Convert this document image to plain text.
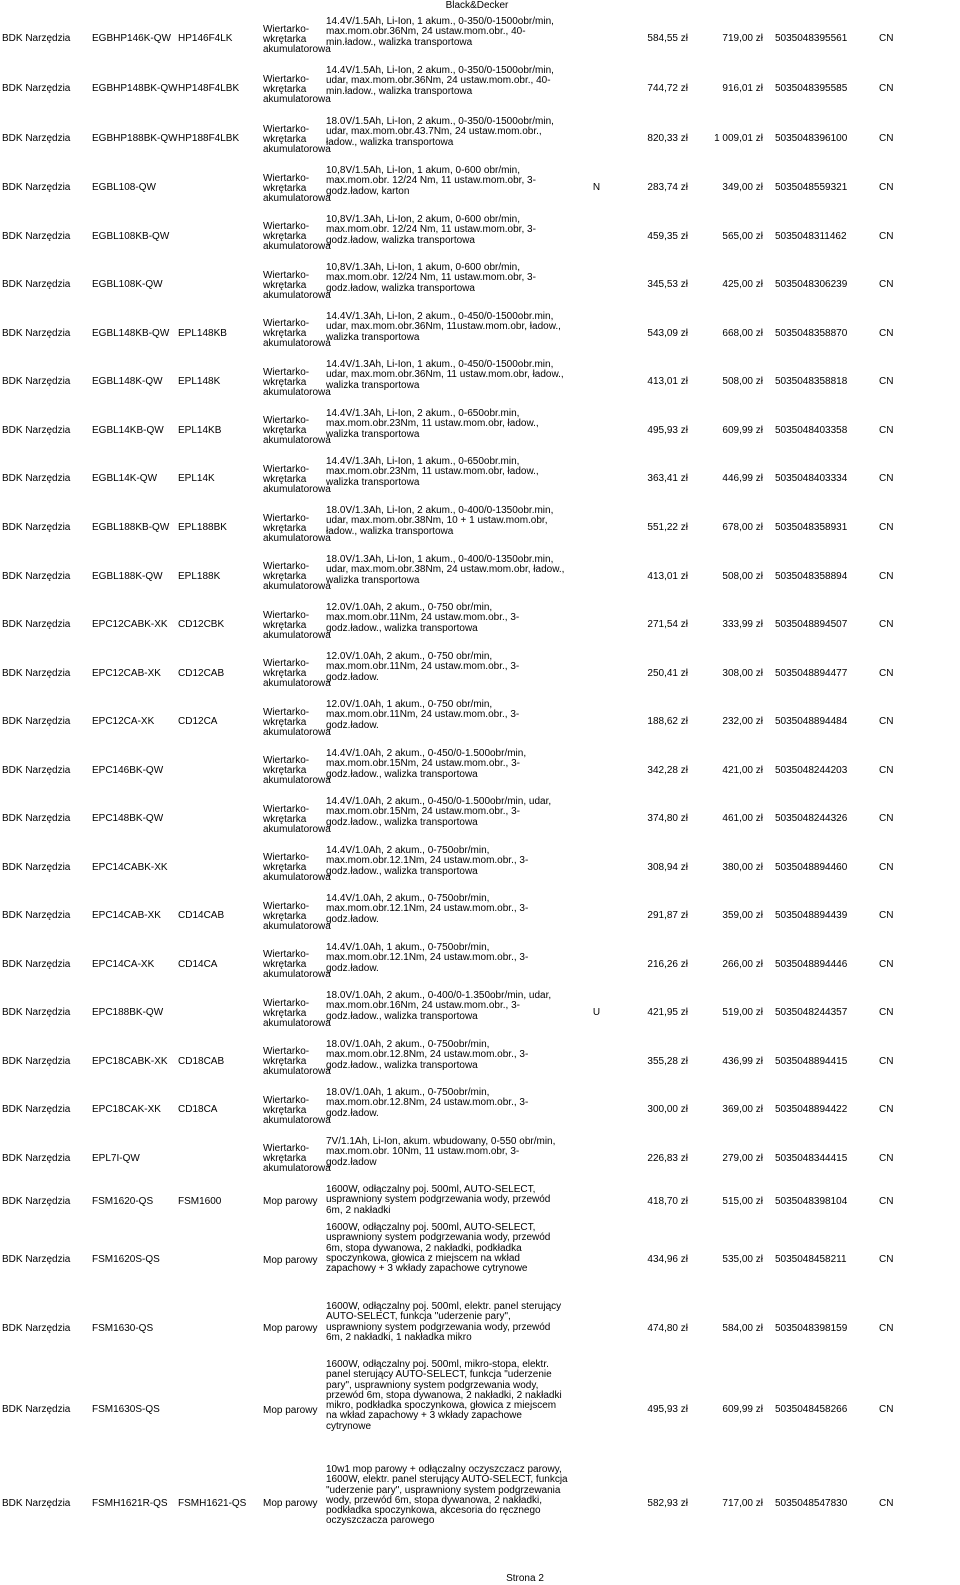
Black&Decker
BDK Narzędzia	EGBHP146K-QW	HP146F4LK	Wiertarko-wkrętarka akumulatorowa	14.4V/1.5Ah, Li-Ion, 1 akum., 0-350/0-1500obr/min, max.mom.obr.36Nm, 24 ustaw.mom.obr., 40-min.ładow., walizka transportowa		584,55 zł	719,00 zł	5035048395561	CN
BDK Narzędzia	EGBHP148BK-QW	HP148F4LBK	Wiertarko-wkrętarka akumulatorowa	14.4V/1.5Ah, Li-Ion, 2 akum., 0-350/0-1500obr/min, udar, max.mom.obr.36Nm, 24 ustaw.mom.obr., 40-min.ładow., walizka transportowa		744,72 zł	916,01 zł	5035048395585	CN
BDK Narzędzia	EGBHP188BK-QW	HP188F4LBK	Wiertarko-wkrętarka akumulatorowa	18.0V/1.5Ah, Li-Ion, 2 akum., 0-350/0-1500obr/min, udar, max.mom.obr.43.7Nm, 24 ustaw.mom.obr., ładow., walizka transportowa		820,33 zł	1 009,01 zł	5035048396100	CN
BDK Narzędzia	EGBL108-QW		Wiertarko-wkrętarka akumulatorowa	10,8V/1.5Ah, Li-Ion, 1 akum, 0-600 obr/min, max.mom.obr. 12/24 Nm, 11 ustaw.mom.obr, 3-godz.ładow, karton	N	283,74 zł	349,00 zł	5035048559321	CN
BDK Narzędzia	EGBL108KB-QW		Wiertarko-wkrętarka akumulatorowa	10,8V/1.3Ah, Li-Ion, 2 akum, 0-600 obr/min, max.mom.obr. 12/24 Nm, 11 ustaw.mom.obr, 3-godz.ładow, walizka transportowa		459,35 zł	565,00 zł	5035048311462	CN
BDK Narzędzia	EGBL108K-QW		Wiertarko-wkrętarka akumulatorowa	10,8V/1.3Ah, Li-Ion, 1 akum, 0-600 obr/min, max.mom.obr. 12/24 Nm, 11 ustaw.mom.obr, 3-godz.ładow, walizka transportowa		345,53 zł	425,00 zł	5035048306239	CN
BDK Narzędzia	EGBL148KB-QW	EPL148KB	Wiertarko-wkrętarka akumulatorowa	14.4V/1.3Ah, Li-Ion, 2 akum., 0-450/0-1500obr.min, udar, max.mom.obr.36Nm, 11ustaw.mom.obr, ładow., walizka transportowa		543,09 zł	668,00 zł	5035048358870	CN
BDK Narzędzia	EGBL148K-QW	EPL148K	Wiertarko-wkrętarka akumulatorowa	14.4V/1.3Ah, Li-Ion, 1 akum., 0-450/0-1500obr.min, udar, max.mom.obr.36Nm, 11 ustaw.mom.obr, ładow., walizka transportowa		413,01 zł	508,00 zł	5035048358818	CN
BDK Narzędzia	EGBL14KB-QW	EPL14KB	Wiertarko-wkrętarka akumulatorowa	14.4V/1.3Ah, Li-Ion, 2 akum., 0-650obr.min, max.mom.obr.23Nm, 11 ustaw.mom.obr, ładow., walizka transportowa		495,93 zł	609,99 zł	5035048403358	CN
BDK Narzędzia	EGBL14K-QW	EPL14K	Wiertarko-wkrętarka akumulatorowa	14.4V/1.3Ah, Li-Ion, 1 akum., 0-650obr.min, max.mom.obr.23Nm, 11 ustaw.mom.obr, ładow., walizka transportowa		363,41 zł	446,99 zł	5035048403334	CN
BDK Narzędzia	EGBL188KB-QW	EPL188BK	Wiertarko-wkrętarka akumulatorowa	18.0V/1.3Ah, Li-Ion, 2 akum., 0-400/0-1350obr.min, udar, max.mom.obr.38Nm, 10 + 1 ustaw.mom.obr, ładow., walizka transportowa		551,22 zł	678,00 zł	5035048358931	CN
BDK Narzędzia	EGBL188K-QW	EPL188K	Wiertarko-wkrętarka akumulatorowa	18.0V/1.3Ah, Li-Ion, 1 akum., 0-400/0-1350obr.min, udar, max.mom.obr.38Nm, 24 ustaw.mom.obr, ładow., walizka transportowa		413,01 zł	508,00 zł	5035048358894	CN
BDK Narzędzia	EPC12CABK-XK	CD12CBK	Wiertarko-wkrętarka akumulatorowa	12.0V/1.0Ah, 2 akum., 0-750 obr/min, max.mom.obr.11Nm, 24 ustaw.mom.obr., 3-godz.ładow., walizka transportowa		271,54 zł	333,99 zł	5035048894507	CN
BDK Narzędzia	EPC12CAB-XK	CD12CAB	Wiertarko-wkrętarka akumulatorowa	12.0V/1.0Ah, 2 akum., 0-750 obr/min, max.mom.obr.11Nm, 24 ustaw.mom.obr., 3-godz.ładow.		250,41 zł	308,00 zł	5035048894477	CN
BDK Narzędzia	EPC12CA-XK	CD12CA	Wiertarko-wkrętarka akumulatorowa	12.0V/1.0Ah, 1 akum., 0-750 obr/min, max.mom.obr.11Nm, 24 ustaw.mom.obr., 3-godz.ładow.		188,62 zł	232,00 zł	5035048894484	CN
BDK Narzędzia	EPC146BK-QW		Wiertarko-wkrętarka akumulatorowa	14.4V/1.0Ah, 2 akum., 0-450/0-1.500obr/min, max.mom.obr.15Nm, 24 ustaw.mom.obr., 3-godz.ładow., walizka transportowa		342,28 zł	421,00 zł	5035048244203	CN
BDK Narzędzia	EPC148BK-QW		Wiertarko-wkrętarka akumulatorowa	14.4V/1.0Ah, 2 akum., 0-450/0-1.500obr/min, udar, max.mom.obr.15Nm, 24 ustaw.mom.obr., 3-godz.ładow., walizka transportowa		374,80 zł	461,00 zł	5035048244326	CN
BDK Narzędzia	EPC14CABK-XK		Wiertarko-wkrętarka akumulatorowa	14.4V/1.0Ah, 2 akum., 0-750obr/min, max.mom.obr.12.1Nm, 24 ustaw.mom.obr., 3-godz.ładow., walizka transportowa		308,94 zł	380,00 zł	5035048894460	CN
BDK Narzędzia	EPC14CAB-XK	CD14CAB	Wiertarko-wkrętarka akumulatorowa	14.4V/1.0Ah, 2 akum., 0-750obr/min, max.mom.obr.12.1Nm, 24 ustaw.mom.obr., 3-godz.ładow.		291,87 zł	359,00 zł	5035048894439	CN
BDK Narzędzia	EPC14CA-XK	CD14CA	Wiertarko-wkrętarka akumulatorowa	14.4V/1.0Ah, 1 akum., 0-750obr/min, max.mom.obr.12.1Nm, 24 ustaw.mom.obr., 3-godz.ładow.		216,26 zł	266,00 zł	5035048894446	CN
BDK Narzędzia	EPC188BK-QW		Wiertarko-wkrętarka akumulatorowa	18.0V/1.0Ah, 2 akum., 0-400/0-1.350obr/min, udar, max.mom.obr.16Nm, 24 ustaw.mom.obr., 3-godz.ładow., walizka transportowa	U	421,95 zł	519,00 zł	5035048244357	CN
BDK Narzędzia	EPC18CABK-XK	CD18CAB	Wiertarko-wkrętarka akumulatorowa	18.0V/1.0Ah, 2 akum., 0-750obr/min, max.mom.obr.12.8Nm, 24 ustaw.mom.obr., 3-godz.ładow., walizka transportowa		355,28 zł	436,99 zł	5035048894415	CN
BDK Narzędzia	EPC18CAK-XK	CD18CA	Wiertarko-wkrętarka akumulatorowa	18.0V/1.0Ah, 1 akum., 0-750obr/min, max.mom.obr.12.8Nm, 24 ustaw.mom.obr., 3-godz.ładow.		300,00 zł	369,00 zł	5035048894422	CN
BDK Narzędzia	EPL7I-QW		Wiertarko-wkrętarka akumulatorowa	7V/1.1Ah, Li-Ion, akum. wbudowany, 0-550 obr/min, max.mom.obr. 10Nm, 11 ustaw.mom.obr, 3-godz.ładow		226,83 zł	279,00 zł	5035048344415	CN
BDK Narzędzia	FSM1620-QS	FSM1600	Mop parowy	1600W, odłączalny poj. 500ml, AUTO-SELECT, usprawniony system podgrzewania wody, przewód 6m, 2 nakładki		418,70 zł	515,00 zł	5035048398104	CN
BDK Narzędzia	FSM1620S-QS		Mop parowy	1600W, odłączalny poj. 500ml, AUTO-SELECT, usprawniony system podgrzewania wody, przewód 6m, stopa dywanowa, 2 nakładki, podkładka spoczynkowa, głowica z miejscem na wkład zapachowy + 3 wkłady zapachowe cytrynowe		434,96 zł	535,00 zł	5035048458211	CN
BDK Narzędzia	FSM1630-QS		Mop parowy	1600W, odłączalny poj. 500ml, elektr. panel sterujący AUTO-SELECT, funkcja "uderzenie pary", usprawniony system podgrzewania wody, przewód 6m, 2 nakładki, 1 nakładka mikro		474,80 zł	584,00 zł	5035048398159	CN
BDK Narzędzia	FSM1630S-QS		Mop parowy	1600W, odłączalny poj. 500ml, mikro-stopa, elektr. panel sterujący AUTO-SELECT, funkcja "uderzenie pary", usprawniony system podgrzewania wody, przewód 6m, stopa dywanowa, 2 nakładki, 2 nakładki mikro, podkładka spoczynkowa, głowica z miejscem na wkład zapachowy + 3 wkłady zapachowe cytrynowe		495,93 zł	609,99 zł	5035048458266	CN
BDK Narzędzia	FSMH1621R-QS	FSMH1621-QS	Mop parowy	10w1 mop parowy + odłączalny oczyszczacz parowy, 1600W, elektr. panel sterujący AUTO-SELECT, funkcja "uderzenie pary", usprawniony system podgrzewania wody, przewód 6m, stopa dywanowa, 2 nakładki, podkładka spoczynkowa, akcesoria do ręcznego oczyszczacza parowego		582,93 zł	717,00 zł	5035048547830	CN
Strona 2
